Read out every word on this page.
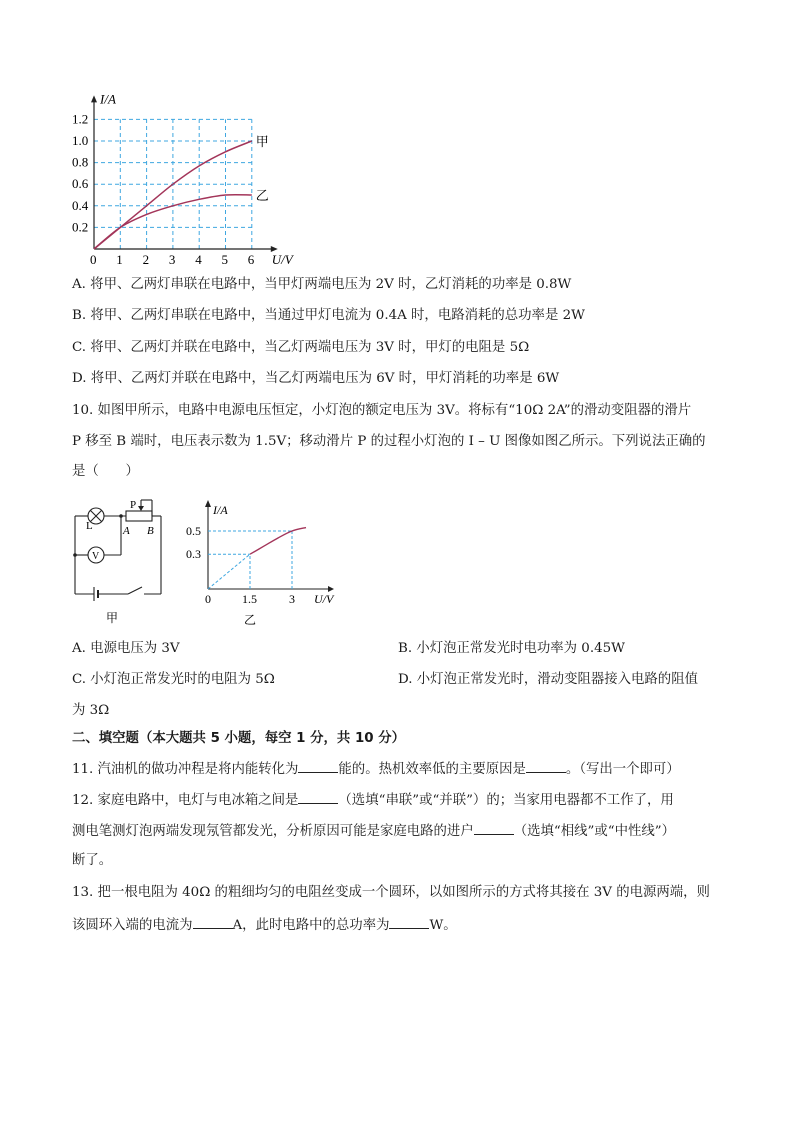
0 1 2 3 4 5 6
0.2
0.4
0.6
0.8
1.0
1.2
U/V
I/A
甲
乙
A. 将甲、乙两灯串联在电路中，当甲灯两端电压为 2V 时，乙灯消耗的功率是 0.8W
B. 将甲、乙两灯串联在电路中，当通过甲灯电流为 0.4A 时，电路消耗的总功率是 2W
C. 将甲、乙两灯并联在电路中，当乙灯两端电压为 3V 时，甲灯的电阻是 5Ω
D. 将甲、乙两灯并联在电路中，当乙灯两端电压为 6V 时，甲灯消耗的功率是 6W
10. 如图甲所示，电路中电源电压恒定，小灯泡的额定电压为 3V。将标有“10Ω 2A”的滑动变阻器的滑片
P 移至 B 端时，电压表示数为 1.5V；移动滑片 P 的过程小灯泡的 I – U 图像如图乙所示。下列说法正确的
是（　　）
L
V
P
A B
甲
0	1.5	3
0.3
0.5
U/V
I/A
乙
A. 电源电压为 3V	B. 小灯泡正常发光时电功率为 0.45W
C. 小灯泡正常发光时的电阻为 5Ω	D. 小灯泡正常发光时，滑动变阻器接入电路的阻值
为 3Ω
二、填空题（本大题共 5 小题，每空 1 分，共 10 分）
11. 汽油机的做功冲程是将内能转化为	能的。热机效率低的主要原因是	。（写出一个即可）
12. 家庭电路中，电灯与电冰箱之间是	（选填“串联”或“并联”）的；当家用电器都不工作了，用
测电笔测灯泡两端发现氖管都发光，分析原因可能是家庭电路的进户	（选填“相线”或“中性线”）
断了。
13. 把一根电阻为 40Ω 的粗细均匀的电阻丝变成一个圆环，以如图所示的方式将其接在 3V 的电源两端，则
该圆环入端的电流为	A，此时电路中的总功率为	W。
